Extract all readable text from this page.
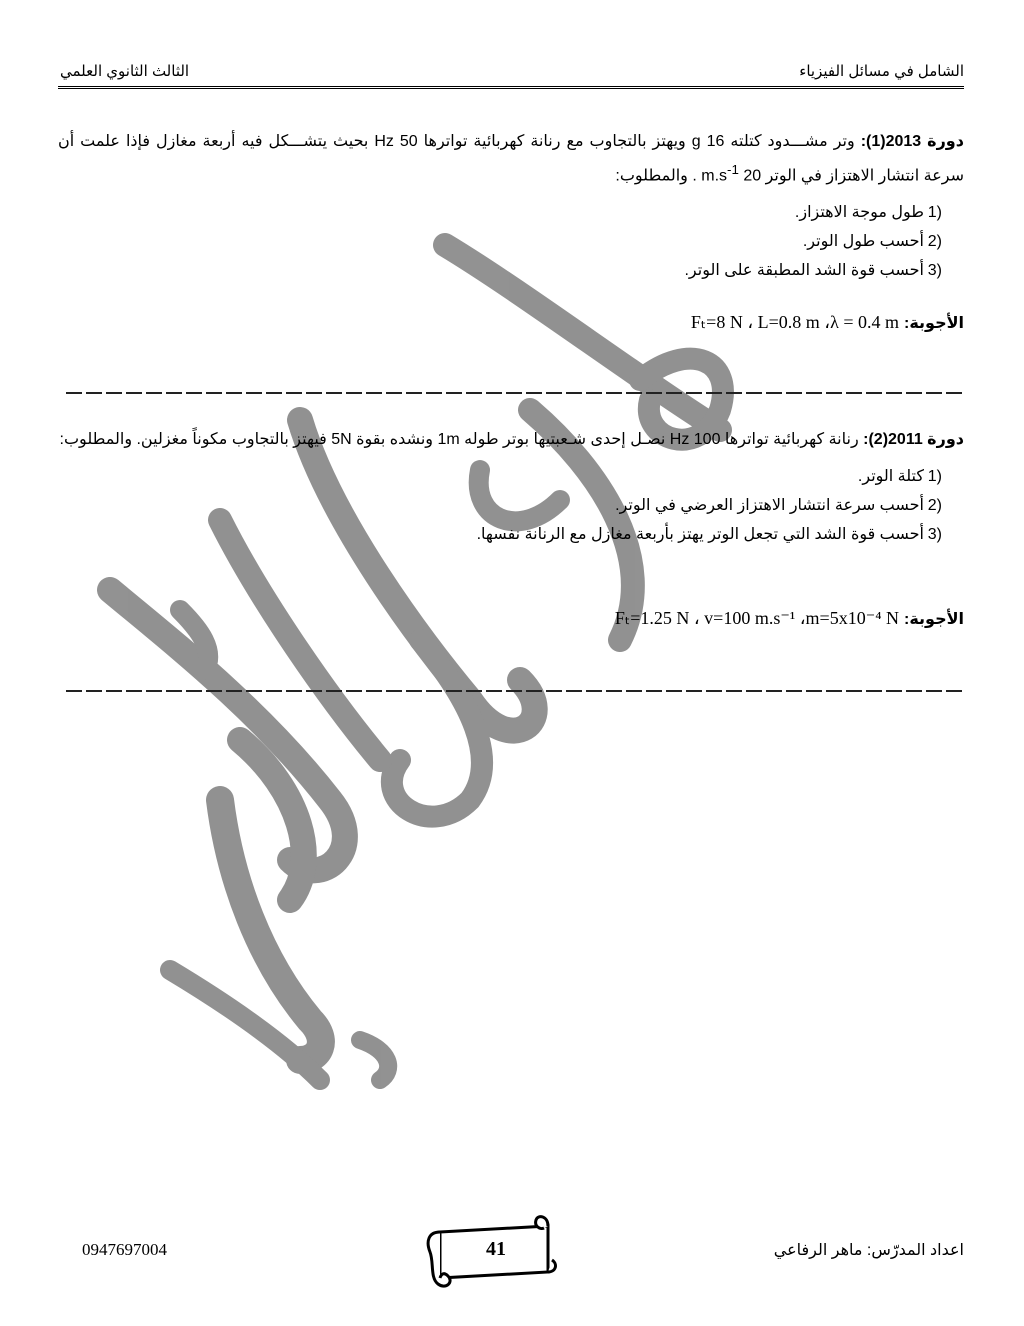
الشامل في مسائل الفيزياء
الثالث الثانوي العلمي

دورة 2013(1): وتر مشـــدود كتلته 16 g ويهتز بالتجاوب مع رنانة كهربائية تواترها 50 Hz بحيث يتشـــكل فيه أربعة مغازل فإذا علمت أن سرعة انتشار الاهتزاز في الوتر 20 $m.s^{-1}$ . والمطلوب:

1)
طول موجة الاهتزاز.
2)
أحسب طول الوتر.
3)
أحسب قوة الشد المطبقة على الوتر.
الأجوبة: Fₜ=8 N ، L=0.8 m ،λ = 0.4 m

دورة 2011(2): رنانة كهربائية تواترها 100 Hz نصـل إحدى شـعبتيها بوتر طوله 1m ونشده بقوة 5N فيهتز بالتجاوب مكوناً مغزلين. والمطلوب:

1)
كتلة الوتر.
2)
أحسب سرعة انتشار الاهتزاز العرضي في الوتر.
3)
أحسب قوة الشد التي تجعل الوتر يهتز بأربعة مغازل مع الرنانة نفسها.
الأجوبة: Fₜ=1.25 N ، v=100 m.s⁻¹ ،m=5x10⁻⁴ N
0947697004	41	اعداد المدرّس: ماهر الرفاعي
